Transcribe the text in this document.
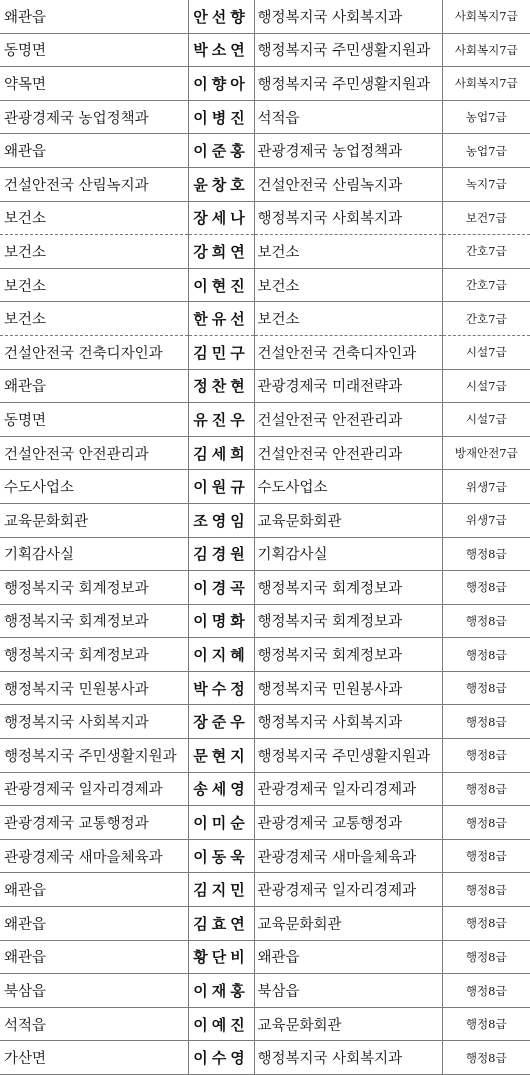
왜관읍	안선향	행정복지국 사회복지과	사회복지7급
동명면	박소연	행정복지국 주민생활지원과	사회복지7급
약목면	이향아	행정복지국 주민생활지원과	사회복지7급
관광경제국 농업정책과	이병진	석적읍	농업7급
왜관읍	이준홍	관광경제국 농업정책과	농업7급
건설안전국 산림녹지과	윤창호	건설안전국 산림녹지과	녹지7급
보건소	장세나	행정복지국 사회복지과	보건7급
보건소	강희연	보건소	간호7급
보건소	이현진	보건소	간호7급
보건소	한유선	보건소	간호7급
건설안전국 건축디자인과	김민구	건설안전국 건축디자인과	시설7급
왜관읍	정찬현	관광경제국 미래전략과	시설7급
동명면	유진우	건설안전국 안전관리과	시설7급
건설안전국 안전관리과	김세희	건설안전국 안전관리과	방재안전7급
수도사업소	이원규	수도사업소	위생7급
교육문화회관	조영임	교육문화회관	위생7급
기획감사실	김경원	기획감사실	행정8급
행정복지국 회계정보과	이경곡	행정복지국 회계정보과	행정8급
행정복지국 회계정보과	이명화	행정복지국 회계정보과	행정8급
행정복지국 회계정보과	이지혜	행정복지국 회계정보과	행정8급
행정복지국 민원봉사과	박수정	행정복지국 민원봉사과	행정8급
행정복지국 사회복지과	장준우	행정복지국 사회복지과	행정8급
행정복지국 주민생활지원과	문현지	행정복지국 주민생활지원과	행정8급
관광경제국 일자리경제과	송세영	관광경제국 일자리경제과	행정8급
관광경제국 교통행정과	이미순	관광경제국 교통행정과	행정8급
관광경제국 새마을체육과	이동욱	관광경제국 새마을체육과	행정8급
왜관읍	김지민	관광경제국 일자리경제과	행정8급
왜관읍	김효연	교육문화회관	행정8급
왜관읍	황단비	왜관읍	행정8급
북삼읍	이재홍	북삼읍	행정8급
석적읍	이예진	교육문화회관	행정8급
가산면	이수영	행정복지국 사회복지과	행정8급
